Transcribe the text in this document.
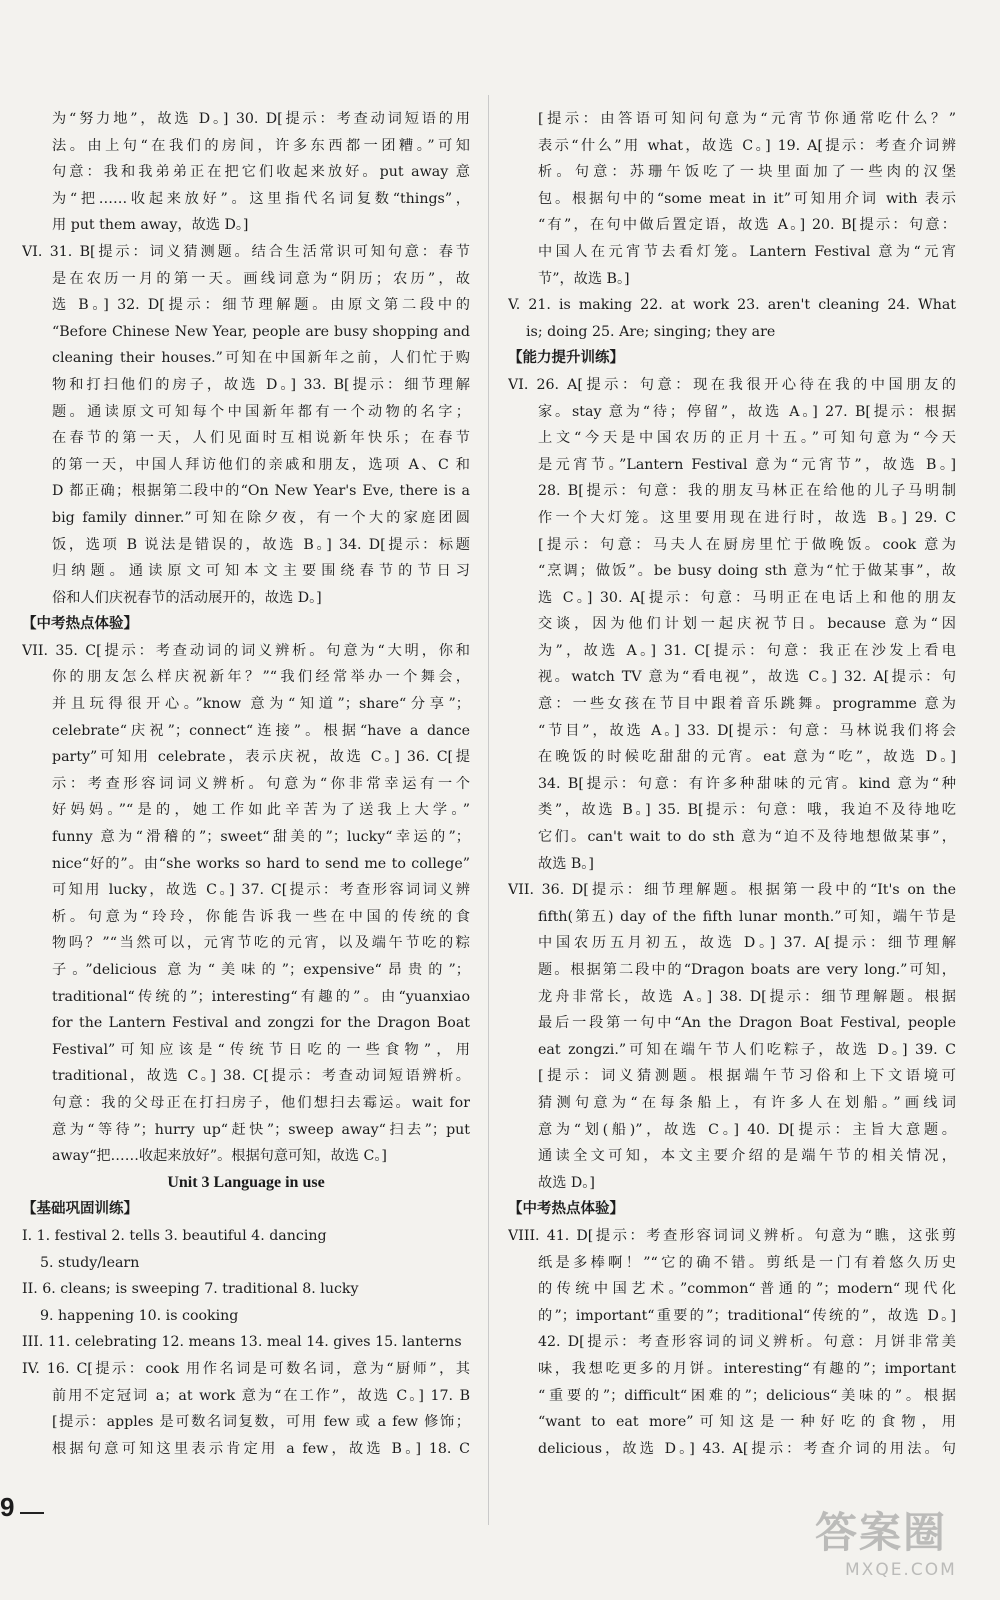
为“努力地”，故选 D。] 30. D[提示：考查动词短语的用
法。由上句“在我们的房间，许多东西都一团糟。”可知
句意：我和我弟弟正在把它们收起来放好。put away 意
为“把……收起来放好”。这里指代名词复数“things”，
用 put them away，故选 D。]
VI. 31. B[提示：词义猜测题。结合生活常识可知句意：春节
是在农历一月的第一天。画线词意为“阴历；农历”，故
选 B。] 32. D[提示：细节理解题。由原文第二段中的
“Before Chinese New Year, people are busy shopping and
cleaning their houses.”可知在中国新年之前，人们忙于购
物和打扫他们的房子，故选 D。] 33. B[提示：细节理解
题。通读原文可知每个中国新年都有一个动物的名字；
在春节的第一天，人们见面时互相说新年快乐；在春节
的第一天，中国人拜访他们的亲戚和朋友，选项 A、C 和
D 都正确；根据第二段中的“On New Year's Eve, there is a
big family dinner.”可知在除夕夜，有一个大的家庭团圆
饭，选项 B 说法是错误的，故选 B。] 34. D[提示：标题
归纳题。通读原文可知本文主要围绕春节的节日习
俗和人们庆祝春节的活动展开的，故选 D。]
【中考热点体验】
VII. 35. C[提示：考查动词的词义辨析。句意为“大明，你和
你的朋友怎么样庆祝新年？”“我们经常举办一个舞会，
并且玩得很开心。”know 意为“知道”；share“分享”；
celebrate“庆祝”；connect“连接”。根据“have a dance
party”可知用 celebrate，表示庆祝，故选 C。] 36. C[提
示：考查形容词词义辨析。句意为“你非常幸运有一个
好妈妈。”“是的，她工作如此辛苦为了送我上大学。”
funny 意为“滑稽的”；sweet“甜美的”；lucky“幸运的”；
nice“好的”。由“she works so hard to send me to college”
可知用 lucky，故选 C。] 37. C[提示：考查形容词词义辨
析。句意为“玲玲，你能告诉我一些在中国的传统的食
物吗？”“当然可以，元宵节吃的元宵，以及端午节吃的粽
子。”delicious 意为“美味的”；expensive“昂贵的”；
traditional“传统的”；interesting“有趣的”。由“yuanxiao
for the Lantern Festival and zongzi for the Dragon Boat
Festival”可知应该是“传统节日吃的一些食物”，用
traditional，故选 C。] 38. C[提示：考查动词短语辨析。
句意：我的父母正在打扫房子，他们想扫去霉运。wait for
意为“等待”；hurry up“赶快”；sweep away“扫去”；put
away“把……收起来放好”。根据句意可知，故选 C。]
Unit 3 Language in use
【基础巩固训练】
I. 1. festival 2. tells 3. beautiful 4. dancing
5. study/learn
II. 6. cleans; is sweeping 7. traditional 8. lucky
9. happening 10. is cooking
III. 11. celebrating 12. means 13. meal 14. gives 15. lanterns
IV. 16. C[提示：cook 用作名词是可数名词，意为“厨师”，其
前用不定冠词 a；at work 意为“在工作”，故选 C。] 17. B
[提示：apples 是可数名词复数，可用 few 或 a few 修饰；
根据句意可知这里表示肯定用 a few，故选 B。] 18. C
[提示：由答语可知问句意为“元宵节你通常吃什么？”
表示“什么”用 what，故选 C。] 19. A[提示：考查介词辨
析。句意：苏珊午饭吃了一块里面加了一些肉的汉堡
包。根据句中的“some meat in it”可知用介词 with 表示
“有”，在句中做后置定语，故选 A。] 20. B[提示：句意：
中国人在元宵节去看灯笼。Lantern Festival 意为“元宵
节”，故选 B。]
V. 21. is making 22. at work 23. aren't cleaning 24. What
is; doing 25. Are; singing; they are
【能力提升训练】
VI. 26. A[提示：句意：现在我很开心待在我的中国朋友的
家。stay 意为“待；停留”，故选 A。] 27. B[提示：根据
上文“今天是中国农历的正月十五。”可知句意为“今天
是元宵节。”Lantern Festival 意为“元宵节”，故选 B。]
28. B[提示：句意：我的朋友马林正在给他的儿子马明制
作一个大灯笼。这里要用现在进行时，故选 B。] 29. C
[提示：句意：马夫人在厨房里忙于做晚饭。cook 意为
“烹调；做饭”。be busy doing sth 意为“忙于做某事”，故
选 C。] 30. A[提示：句意：马明正在电话上和他的朋友
交谈，因为他们计划一起庆祝节日。because 意为“因
为”，故选 A。] 31. C[提示：句意：我正在沙发上看电
视。watch TV 意为“看电视”，故选 C。] 32. A[提示：句
意：一些女孩在节目中跟着音乐跳舞。programme 意为
“节目”，故选 A。] 33. D[提示：句意：马林说我们将会
在晚饭的时候吃甜甜的元宵。eat 意为“吃”，故选 D。]
34. B[提示：句意：有许多种甜味的元宵。kind 意为“种
类”，故选 B。] 35. B[提示：句意：哦，我迫不及待地吃
它们。can't wait to do sth 意为“迫不及待地想做某事”，
故选 B。]
VII. 36. D[提示：细节理解题。根据第一段中的“It's on the
fifth(第五) day of the fifth lunar month.”可知，端午节是
中国农历五月初五，故选 D。] 37. A[提示：细节理解
题。根据第二段中的“Dragon boats are very long.”可知，
龙舟非常长，故选 A。] 38. D[提示：细节理解题。根据
最后一段第一句中“An the Dragon Boat Festival, people
eat zongzi.”可知在端午节人们吃粽子，故选 D。] 39. C
[提示：词义猜测题。根据端午节习俗和上下文语境可
猜测句意为“在每条船上，有许多人在划船。”画线词
意为“划(船)”，故选 C。] 40. D[提示：主旨大意题。
通读全文可知，本文主要介绍的是端午节的相关情况，
故选 D。]
【中考热点体验】
VIII. 41. D[提示：考查形容词词义辨析。句意为“瞧，这张剪
纸是多棒啊！”“它的确不错。剪纸是一门有着悠久历史
的传统中国艺术。”common“普通的”；modern“现代化
的”；important“重要的”；traditional“传统的”，故选 D。]
42. D[提示：考查形容词的词义辨析。句意：月饼非常美
味，我想吃更多的月饼。interesting“有趣的”；important
“重要的”；difficult“困难的”；delicious“美味的”。根据
“want to eat more”可知这是一种好吃的食物，用
delicious，故选 D。] 43. A[提示：考查介词的用法。句
9
答案圈
MXQE.COM
